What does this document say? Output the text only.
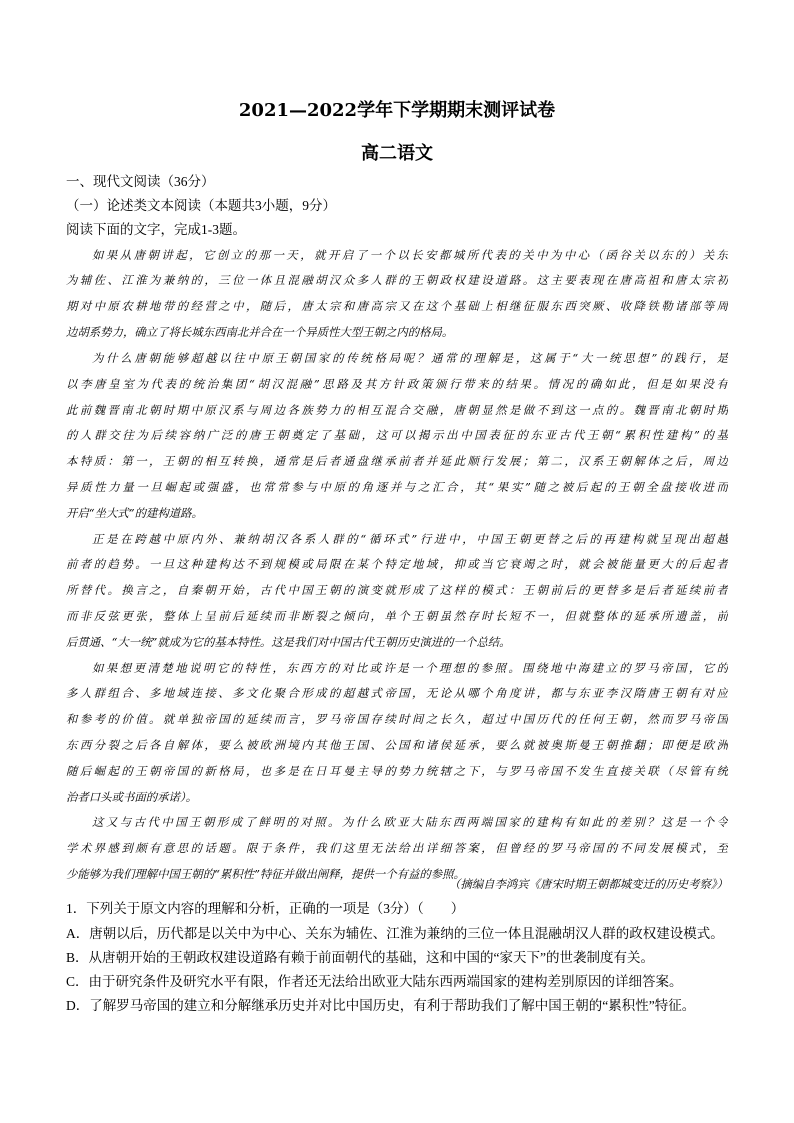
2021—2022学年下学期期末测评试卷
高二语文
一、现代文阅读（36分）
（一）论述类文本阅读（本题共3小题，9分）
阅读下面的文字，完成1-3题。
如果从唐朝讲起，它创立的那一天，就开启了一个以长安都城所代表的关中为中心（函谷关以东的）关东
为辅佐、江淮为兼纳的，三位一体且混融胡汉众多人群的王朝政权建设道路。这主要表现在唐高祖和唐太宗初
期对中原农耕地带的经营之中，随后，唐太宗和唐高宗又在这个基础上相继征服东西突厥、收降铁勒诸部等周
边胡系势力，确立了将长城东西南北并合在一个异质性大型王朝之内的格局。
为什么唐朝能够超越以往中原王朝国家的传统格局呢？通常的理解是，这属于“大一统思想”的践行，是
以李唐皇室为代表的统治集团“胡汉混融”思路及其方针政策颁行带来的结果。情况的确如此，但是如果没有
此前魏晋南北朝时期中原汉系与周边各族势力的相互混合交融，唐朝显然是做不到这一点的。魏晋南北朝时期
的人群交往为后续容纳广泛的唐王朝奠定了基础，这可以揭示出中国表征的东亚古代王朝“累积性建构”的基
本特质：第一，王朝的相互转换，通常是后者通盘继承前者并延此顺行发展；第二，汉系王朝解体之后，周边
异质性力量一旦崛起或强盛，也常常参与中原的角逐并与之汇合，其“果实”随之被后起的王朝全盘接收进而
开启“坐大式”的建构道路。
正是在跨越中原内外、兼纳胡汉各系人群的“循环式”行进中，中国王朝更替之后的再建构就呈现出超越
前者的趋势。一旦这种建构达不到规模或局限在某个特定地域，抑或当它衰竭之时，就会被能量更大的后起者
所替代。换言之，自秦朝开始，古代中国王朝的演变就形成了这样的模式：王朝前后的更替多是后者延续前者
而非反弦更张，整体上呈前后延续而非断裂之倾向，单个王朝虽然存时长短不一，但就整体的延承所遗盖，前
后贯通、“大一统”就成为它的基本特性。这是我们对中国古代王朝历史演进的一个总结。
如果想更清楚地说明它的特性，东西方的对比或许是一个理想的参照。围绕地中海建立的罗马帝国，它的
多人群组合、多地域连接、多文化聚合形成的超越式帝国，无论从哪个角度讲，都与东亚李汉隋唐王朝有对应
和参考的价值。就单独帝国的延续而言，罗马帝国存续时间之长久，超过中国历代的任何王朝，然而罗马帝国
东西分裂之后各自解体，要么被欧洲境内其他王国、公国和诸侯延承，要么就被奥斯曼王朝推翻；即便是欧洲
随后崛起的王朝帝国的新格局，也多是在日耳曼主导的势力统辖之下，与罗马帝国不发生直接关联（尽管有统
治者口头或书面的承诺）。
这又与古代中国王朝形成了鲜明的对照。为什么欧亚大陆东西两端国家的建构有如此的差别？这是一个令
学术界感到颇有意思的话题。限于条件，我们这里无法给出详细答案，但曾经的罗马帝国的不同发展模式，至
少能够为我们理解中国王朝的“累积性”特征并做出阐释，提供一个有益的参照。
（摘编自李鸿宾《唐宋时期王朝都城变迁的历史考察》）
1．下列关于原文内容的理解和分析，正确的一项是（3分）（　　）
A．唐朝以后，历代都是以关中为中心、关东为辅佐、江淮为兼纳的三位一体且混融胡汉人群的政权建设模式。
B．从唐朝开始的王朝政权建设道路有赖于前面朝代的基础，这和中国的“家天下”的世袭制度有关。
C．由于研究条件及研究水平有限，作者还无法给出欧亚大陆东西两端国家的建构差别原因的详细答案。
D．了解罗马帝国的建立和分解继承历史并对比中国历史，有利于帮助我们了解中国王朝的“累积性”特征。
